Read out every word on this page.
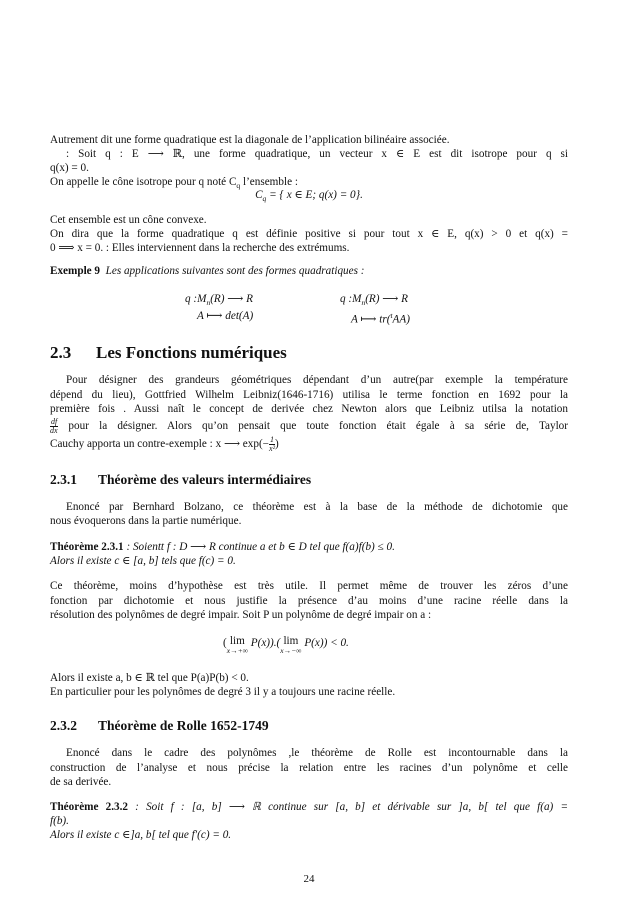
Autrement dit une forme quadratique est la diagonale de l’application bilinéaire associée.
: Soit q : E ⟶ ℝ, une forme quadratique, un vecteur x ∈ E est dit isotrope pour q si
q(x) = 0.
On appelle le cône isotrope pour q noté $C_q$ l’ensemble :
$C_q$ = { x ∈ E; q(x) = 0}.
Cet ensemble est un cône convexe.
On dira que la forme quadratique q est définie positive si pour tout x ∈ E, q(x) > 0 et q(x) =
0 ⟹ x = 0. : Elles interviennent dans la recherche des extrémums.
Exemple 9 Les applications suivantes sont des formes quadratiques :
q $:M_n(R)$ ⟶ R
A ⟼ det(A)
q $:M_n(R)$ ⟶ R
A ⟼ tr($^t$AA)
2.3 Les Fonctions numériques
Pour désigner des grandeurs géométriques dépendant d’un autre(par exemple la température
dépend du lieu), Gottfried Wilhelm Leibniz(1646-1716) utilisa le terme fonction en 1692 pour la
première fois . Aussi naît le concept de derivée chez Newton alors que Leibniz utilsa la notation
$\frac{df}{dx}$ pour la désigner. Alors qu’on pensait que toute fonction était égale à sa série de, Taylor
Cauchy apporta un contre-exemple : x ⟶ $\exp(- \frac{1}{\text{x²}}$ )
2.3.1 Théorème des valeurs intermédiaires
Enoncé par Bernhard Bolzano, ce théorème est à la base de la méthode de dichotomie que
nous évoquerons dans la partie numérique.
Théorème 2.3.1 : Soientt f : D ⟶ R continue a et b ∈ D tel que f(a)f(b) ≤ 0.
Alors il existe c ∈ [a, b] tels que f(c) = 0.
Ce théorème, moins d’hypothèse est très utile. Il permet même de trouver les zéros d’une
fonction par dichotomie et nous justifie la présence d’au moins d’une racine réelle dans la
résolution des polynômes de degré impair. Soit P un polynôme de degré impair on a :
( lim
x→+∞
P(x)).( lim
x→−∞
P(x)) < 0.
Alors il existe a, b ∈ ℝ tel que P(a)P(b) < 0.
En particulier pour les polynômes de degré 3 il y a toujours une racine réelle.
2.3.2 Théorème de Rolle 1652-1749
Enoncé dans le cadre des polynômes ,le théorème de Rolle est incontournable dans la
construction de l’analyse et nous précise la relation entre les racines d’un polynôme et celle
de sa derivée.
Théorème 2.3.2 : Soit f : [a, b] ⟶ ℝ continue sur [a, b] et dérivable sur ]a, b[ tel que f(a) =
f(b).
Alors il existe c ∈]a, b[ tel que f′(c) = 0.
24
